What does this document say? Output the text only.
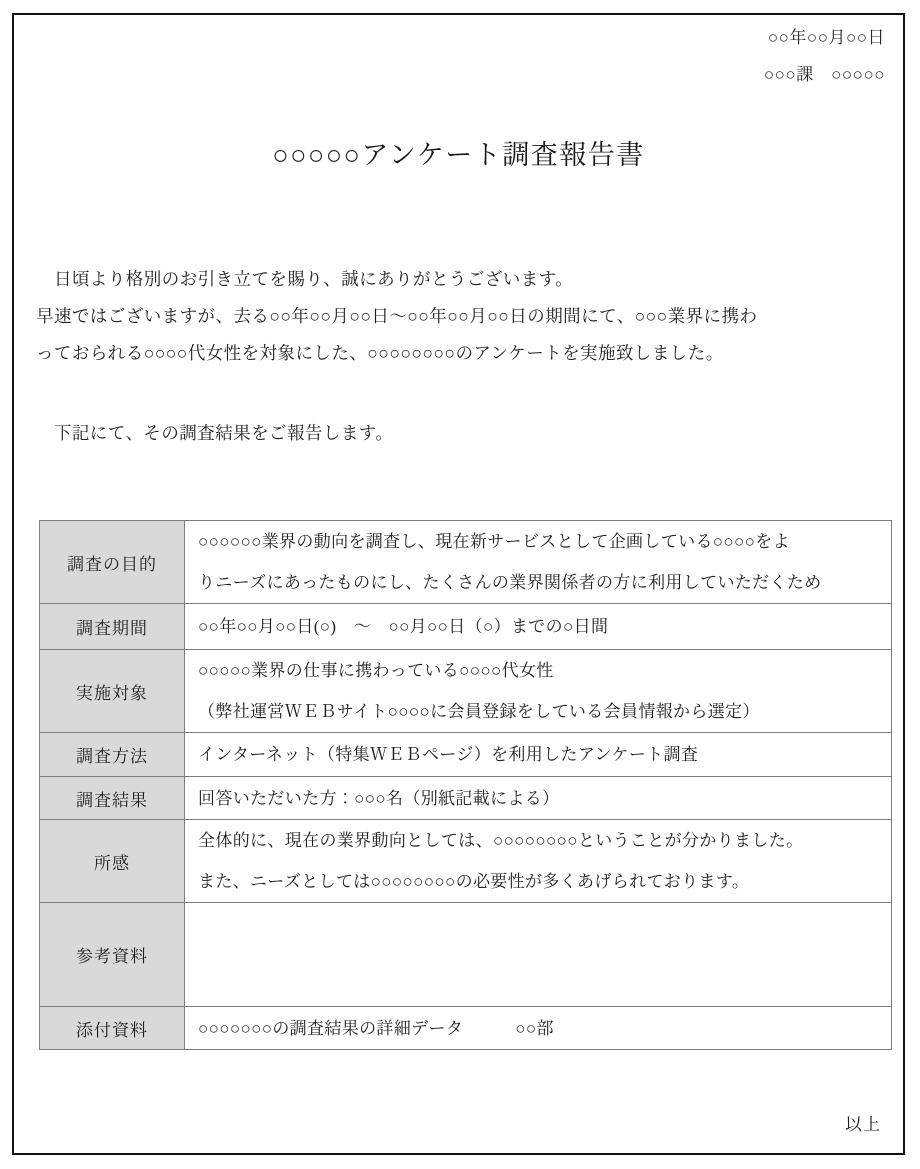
○○年○○月○○日
○○○課　○○○○○
○○○○○アンケート調査報告書
日頃より格別のお引き立てを賜り、誠にありがとうございます。
早速ではございますが、去る○○年○○月○○日～○○年○○月○○日の期間にて、○○○業界に携わ
っておられる○○○○代女性を対象にした、○○○○○○○○のアンケートを実施致しました。
下記にて、その調査結果をご報告します。
調査の目的	○○○○○○業界の動向を調査し、現在新サービスとして企画している○○○○をよ
りニーズにあったものにし、たくさんの業界関係者の方に利用していただくため

調査期間	○○年○○月○○日(○)　～　○○月○○日（○）までの○日間

実施対象	○○○○○業界の仕事に携わっている○○○○代女性
（弊社運営ＷＥＢサイト○○○○に会員登録をしている会員情報から選定）

調査方法	インターネット（特集ＷＥＢページ）を利用したアンケート調査

調査結果	回答いただいた方：○○○名（別紙記載による）

所感	全体的に、現在の業界動向としては、○○○○○○○○ということが分かりました。
また、ニーズとしては○○○○○○○○の必要性が多くあげられております。

参考資料	

添付資料	○○○○○○○の調査結果の詳細データ　　　○○部
以上
